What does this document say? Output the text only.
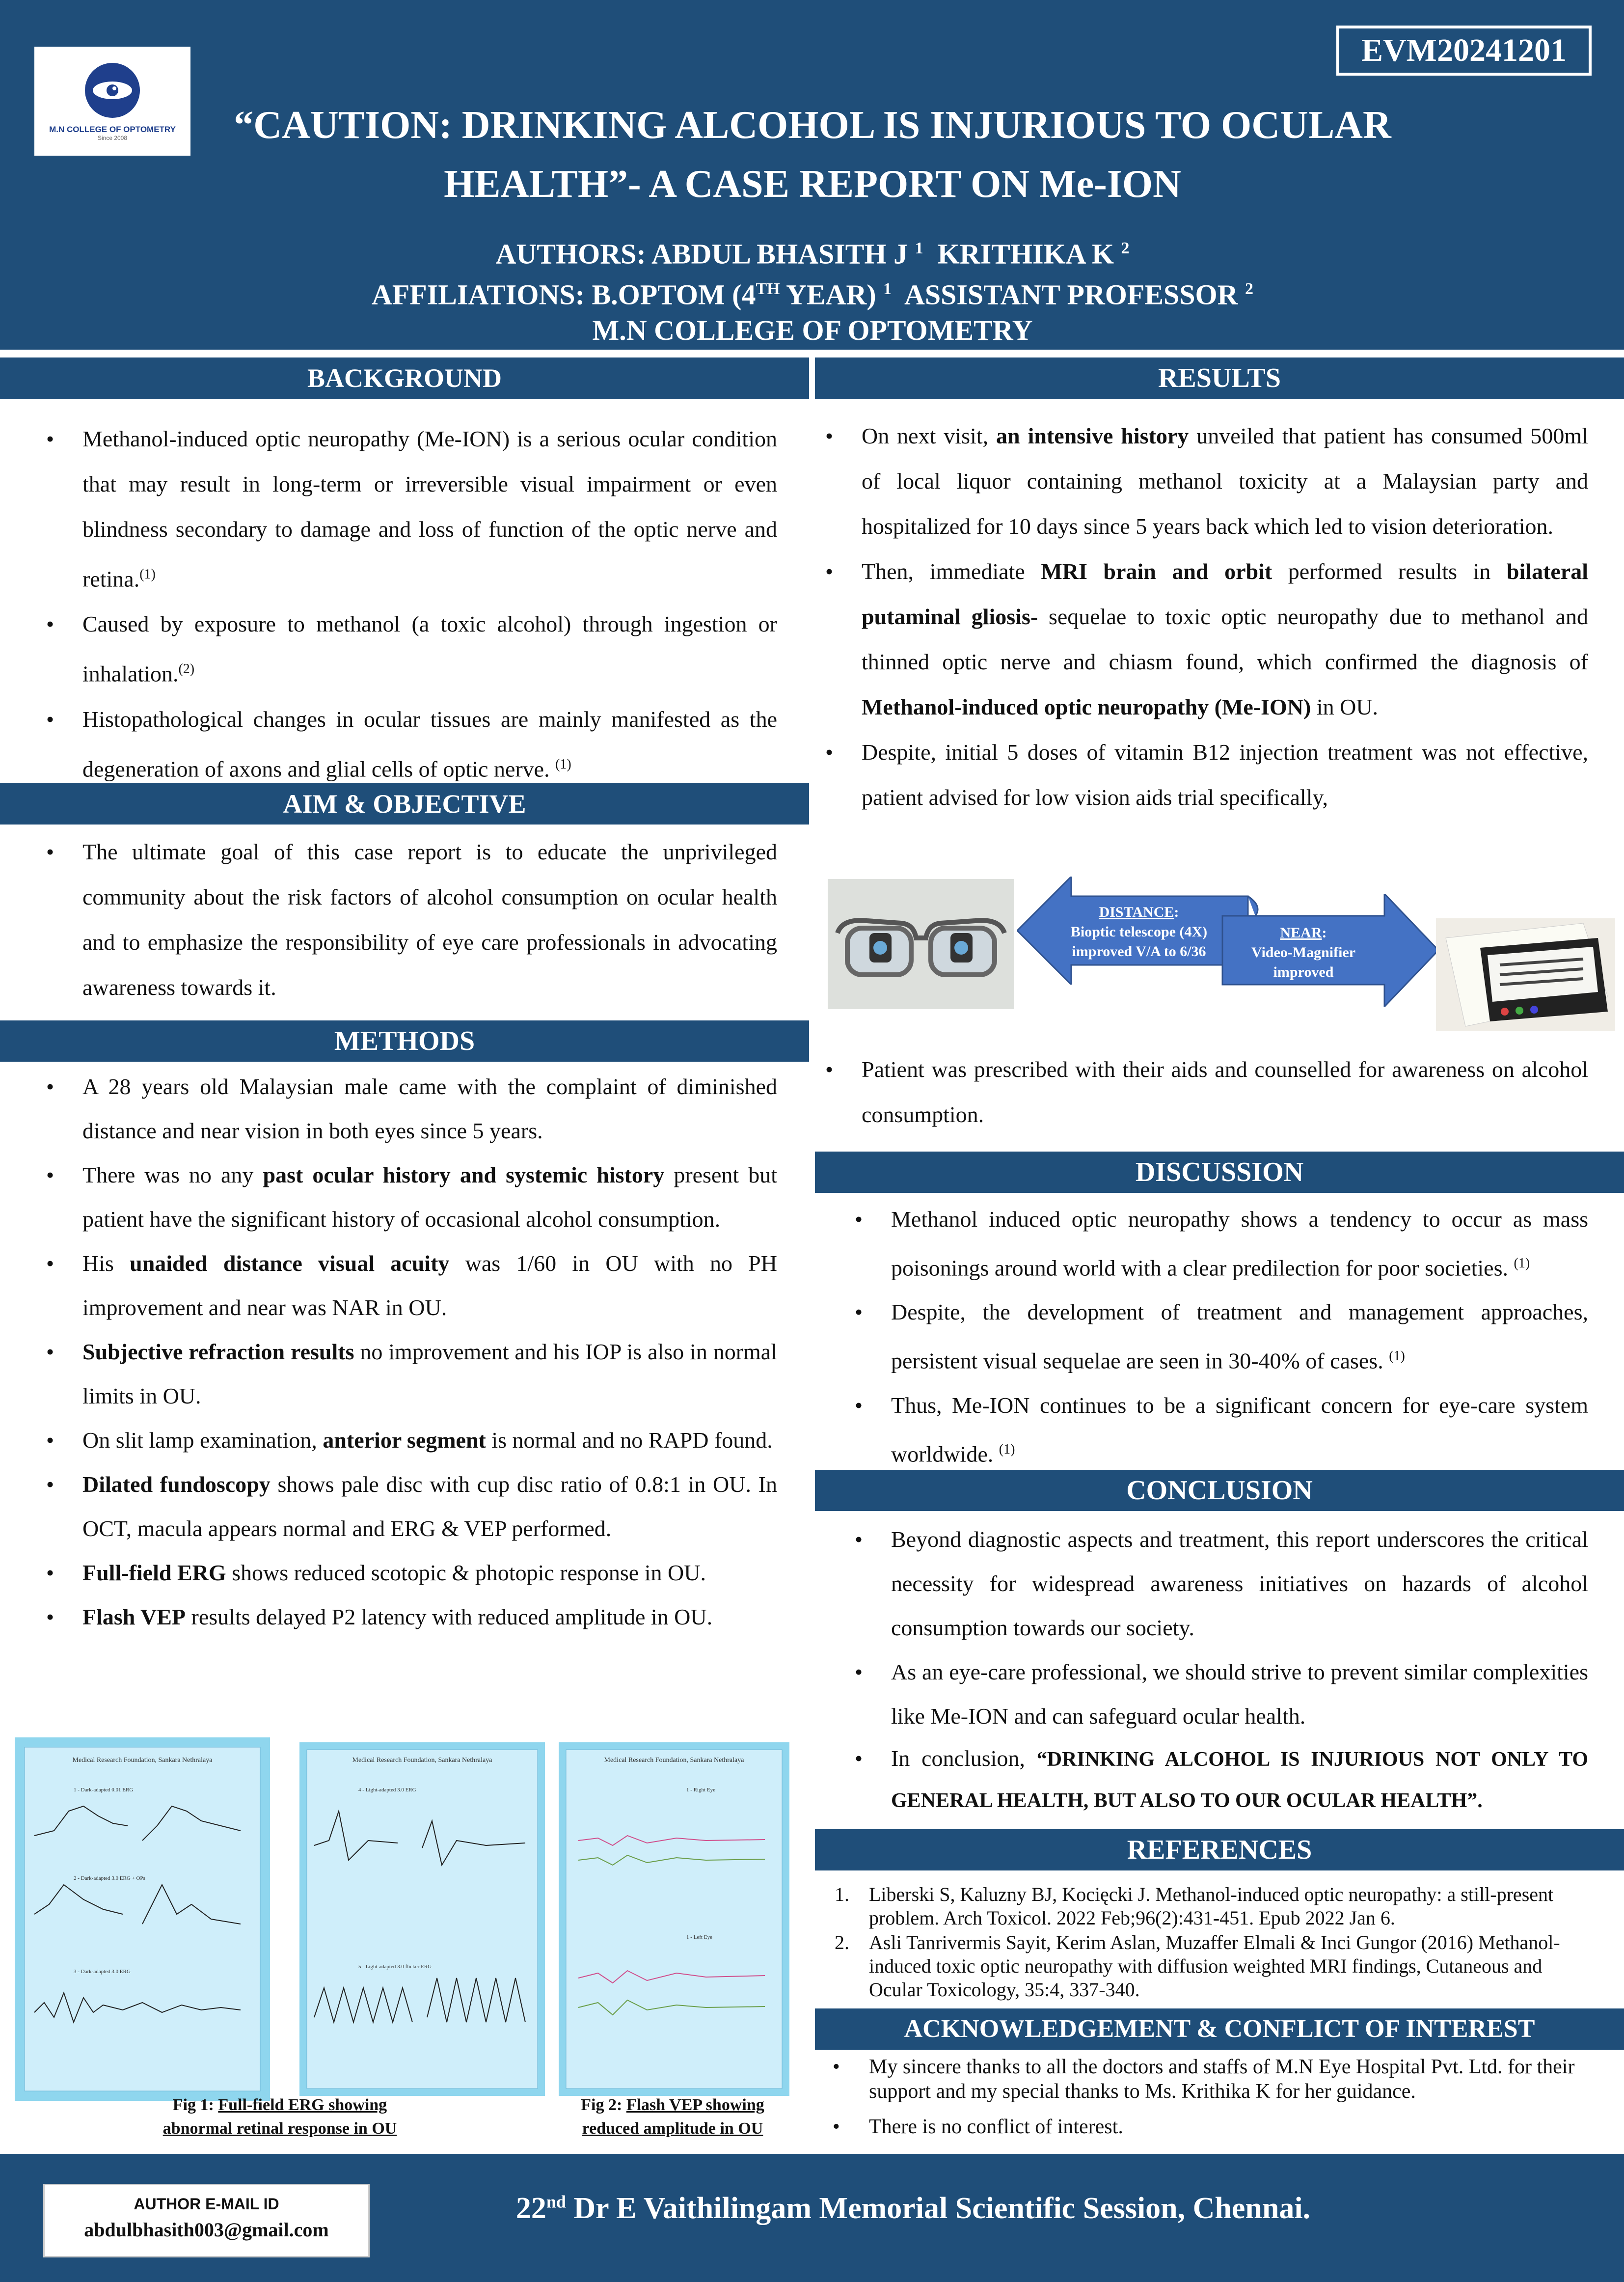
M.N COLLEGE OF OPTOMETRY
Since 2008
EVM20241201
“CAUTION: DRINKING ALCOHOL IS INJURIOUS TO OCULAR
HEALTH”- A CASE REPORT ON Me-ION
AUTHORS: ABDUL BHASITH J $^1$ KRITHIKA K $^2$
AFFILIATIONS: B.OPTOM (4TH YEAR) $^1$ ASSISTANT PROFESSOR $^2$
M.N COLLEGE OF OPTOMETRY
BACKGROUND
• Methanol-induced optic neuropathy (Me-ION) is a serious ocular condition that may result in long-term or irreversible visual impairment or even blindness secondary to damage and loss of function of the optic nerve and retina.$^{(1)}$
• Caused by exposure to methanol (a toxic alcohol) through ingestion or inhalation.$^{(2)}$
• Histopathological changes in ocular tissues are mainly manifested as the degeneration of axons and glial cells of optic nerve. $^{(1)}$
AIM & OBJECTIVE
• The ultimate goal of this case report is to educate the unprivileged community about the risk factors of alcohol consumption on ocular health and to emphasize the responsibility of eye care professionals in advocating awareness towards it.
METHODS
• A 28 years old Malaysian male came with the complaint of diminished distance and near vision in both eyes since 5 years.
• There was no any past ocular history and systemic history present but patient have the significant history of occasional alcohol consumption.
• His unaided distance visual acuity was 1/60 in OU with no PH improvement and near was NAR in OU.
• Subjective refraction results no improvement and his IOP is also in normal limits in OU.
• On slit lamp examination, anterior segment is normal and no RAPD found.
• Dilated fundoscopy shows pale disc with cup disc ratio of 0.8:1 in OU. In OCT, macula appears normal and ERG & VEP performed.
• Full-field ERG shows reduced scotopic & photopic response in OU.
• Flash VEP results delayed P2 latency with reduced amplitude in OU.
Medical Research Foundation, Sankara Nethralaya
1 - Dark-adapted 0.01 ERG
2 - Dark-adapted 3.0 ERG + OPs
3 - Dark-adapted 3.0 ERG
Medical Research Foundation, Sankara Nethralaya
4 - Light-adapted 3.0 ERG
5 - Light-adapted 3.0 flicker ERG
Medical Research Foundation, Sankara Nethralaya
1 - Right Eye
1 - Left Eye
Fig 1: Full-field ERG showing
abnormal retinal response in OU
Fig 2: Flash VEP showing
reduced amplitude in OU
RESULTS
• On next visit, an intensive history unveiled that patient has consumed 500ml of local liquor containing methanol toxicity at a Malaysian party and hospitalized for 10 days since 5 years back which led to vision deterioration.
• Then, immediate MRI brain and orbit performed results in bilateral putaminal gliosis- sequelae to toxic optic neuropathy due to methanol and thinned optic nerve and chiasm found, which confirmed the diagnosis of Methanol-induced optic neuropathy (Me-ION) in OU.
• Despite, initial 5 doses of vitamin B12 injection treatment was not effective, patient advised for low vision aids trial specifically,
DISTANCE:
Bioptic telescope (4X)
improved V/A to 6/36
NEAR:
Video-Magnifier improved
V/A to N6
• Patient was prescribed with their aids and counselled for awareness on alcohol consumption.
DISCUSSION
• Methanol induced optic neuropathy shows a tendency to occur as mass poisonings around world with a clear predilection for poor societies. $^{(1)}$
• Despite, the development of treatment and management approaches, persistent visual sequelae are seen in 30-40% of cases. $^{(1)}$
• Thus, Me-ION continues to be a significant concern for eye-care system worldwide. $^{(1)}$
CONCLUSION
• Beyond diagnostic aspects and treatment, this report underscores the critical necessity for widespread awareness initiatives on hazards of alcohol consumption towards our society.
• As an eye-care professional, we should strive to prevent similar complexities like Me-ION and can safeguard ocular health.
• In conclusion, “DRINKING ALCOHOL IS INJURIOUS NOT ONLY TO GENERAL HEALTH, BUT ALSO TO OUR OCULAR HEALTH”.
REFERENCES
1. Liberski S, Kaluzny BJ, Kocięcki J. Methanol-induced optic neuropathy: a still-present problem. Arch Toxicol. 2022 Feb;96(2):431-451. Epub 2022 Jan 6.
2. Asli Tanrivermis Sayit, Kerim Aslan, Muzaffer Elmali & Inci Gungor (2016) Methanol-induced toxic optic neuropathy with diffusion weighted MRI findings, Cutaneous and Ocular Toxicology, 35:4, 337-340.
ACKNOWLEDGEMENT & CONFLICT OF INTEREST
• My sincere thanks to all the doctors and staffs of M.N Eye Hospital Pvt. Ltd. for their support and my special thanks to Ms. Krithika K for her guidance.
• There is no conflict of interest.
AUTHOR E-MAIL ID
abdulbhasith003@gmail.com
22nd Dr E Vaithilingam Memorial Scientific Session, Chennai.
